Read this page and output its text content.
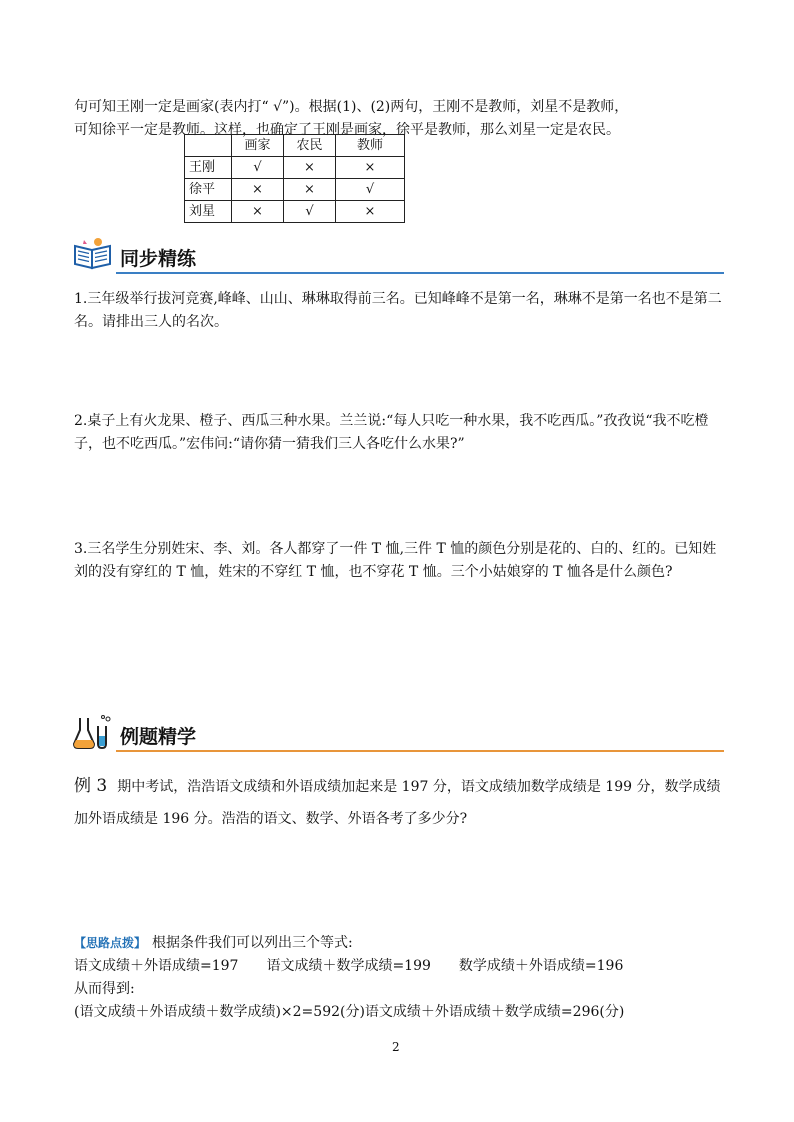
句可知王刚一定是画家(表内打“ √”)。根据(1)、(2)两句，王刚不是教师，刘星不是教师，
可知徐平一定是教师。这样，也确定了王刚是画家，徐平是教师，那么刘星一定是农民。

	画家	农民	教师
王刚	√	×	×
徐平	×	×	√
刘星	×	√	×
同步精练

1.三年级举行拔河竞赛,峰峰、山山、琳琳取得前三名。已知峰峰不是第一名，琳琳不是第一名也不是第二名。请排出三人的名次。

2.桌子上有火龙果、橙子、西瓜三种水果。兰兰说:“每人只吃一种水果，我不吃西瓜。”孜孜说“我不吃橙子，也不吃西瓜。”宏伟问:“请你猜一猜我们三人各吃什么水果?”

3.三名学生分别姓宋、李、刘。各人都穿了一件 T 恤,三件 T 恤的颜色分别是花的、白的、红的。已知姓刘的没有穿红的 T 恤，姓宋的不穿红 T 恤，也不穿花 T 恤。三个小姑娘穿的 T 恤各是什么颜色?

例题精学

例 3 期中考试，浩浩语文成绩和外语成绩加起来是 197 分，语文成绩加数学成绩是 199 分，数学成绩加外语成绩是 196 分。浩浩的语文、数学、外语各考了多少分?

【思路点拨】 根据条件我们可以列出三个等式:
语文成绩＋外语成绩=197 语文成绩＋数学成绩=199 数学成绩＋外语成绩=196
从而得到:
(语文成绩＋外语成绩＋数学成绩)×2=592(分)语文成绩＋外语成绩＋数学成绩=296(分)
2
